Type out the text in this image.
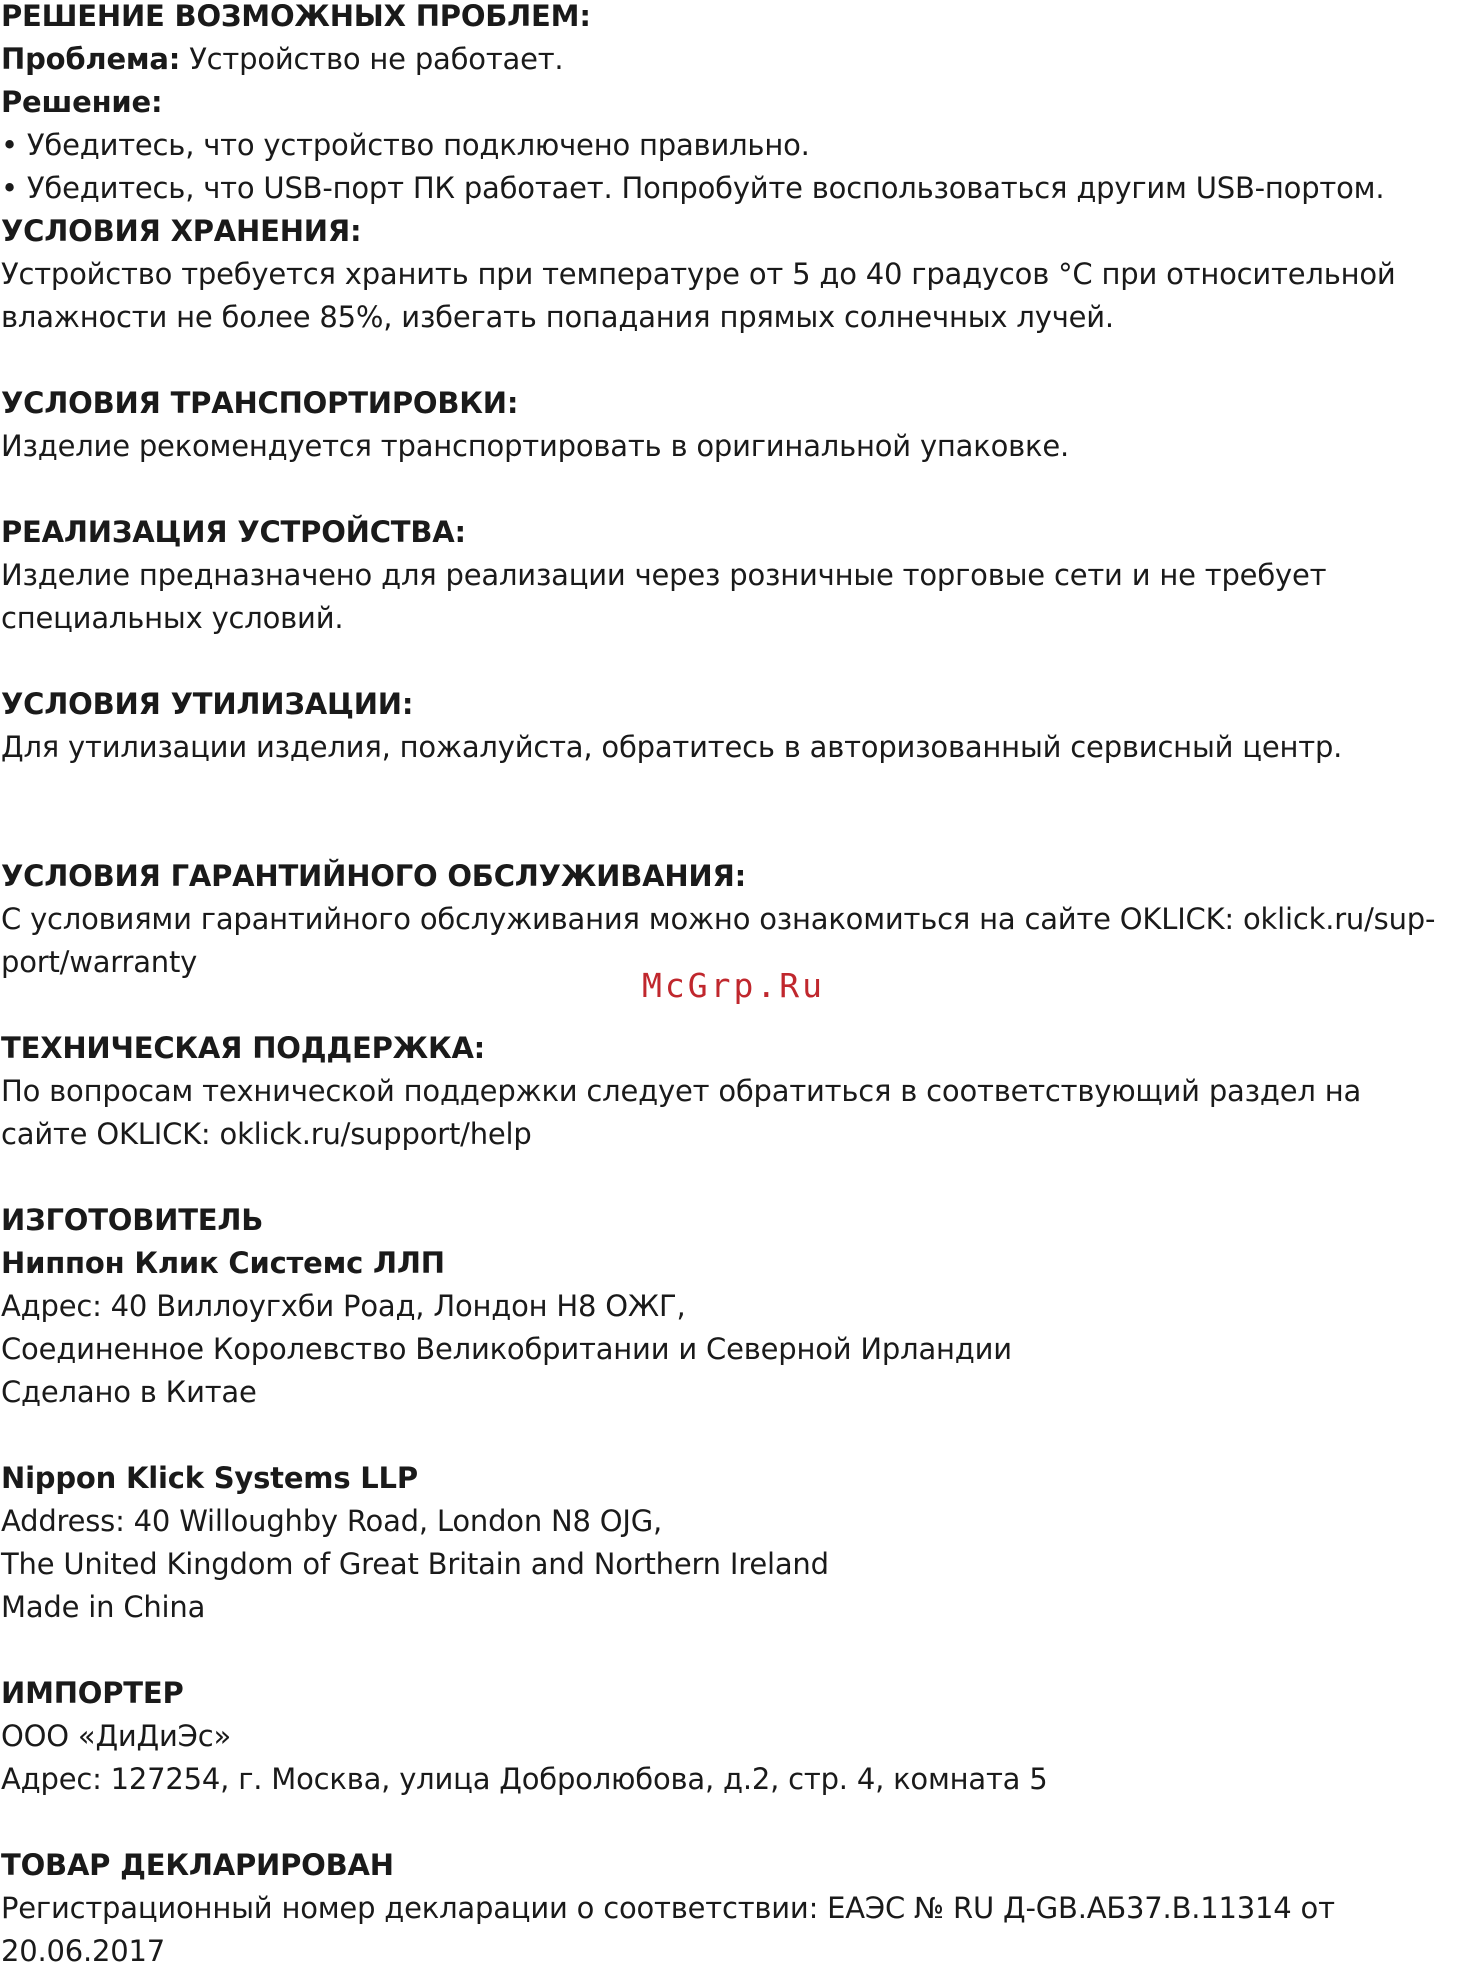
РЕШЕНИЕ ВОЗМОЖНЫХ ПРОБЛЕМ:
Проблема: Устройство не работает.
Решение:
• Убедитесь, что устройство подключено правильно.
• Убедитесь, что USB-порт ПК работает. Попробуйте воспользоваться другим USB-портом.
УСЛОВИЯ ХРАНЕНИЯ:
Устройство требуется хранить при температуре от 5 до 40 градусов °С при относительной
влажности не более 85%, избегать попадания прямых солнечных лучей.
УСЛОВИЯ ТРАНСПОРТИРОВКИ:
Изделие рекомендуется транспортировать в оригинальной упаковке.
РЕАЛИЗАЦИЯ УСТРОЙСТВА:
Изделие предназначено для реализации через розничные торговые сети и не требует
специальных условий.
УСЛОВИЯ УТИЛИЗАЦИИ:
Для утилизации изделия, пожалуйста, обратитесь в авторизованный сервисный центр.
УСЛОВИЯ ГАРАНТИЙНОГО ОБСЛУЖИВАНИЯ:
С условиями гарантийного обслуживания можно ознакомиться на сайте OKLICK: oklick.ru/sup-
port/warranty
McGrp.Ru
ТЕХНИЧЕСКАЯ ПОДДЕРЖКА:
По вопросам технической поддержки следует обратиться в соответствующий раздел на
сайте OKLICK: oklick.ru/support/help
ИЗГОТОВИТЕЛЬ
Ниппон Клик Системс ЛЛП
Адрес: 40 Виллоугхби Роад, Лондон Н8 ОЖГ,
Соединенное Королевство Великобритании и Северной Ирландии
Сделано в Китае
Nippon Klick Systems LLP
Address: 40 Willoughby Road, London N8 OJG,
The United Kingdom of Great Britain and Northern Ireland
Made in China
ИМПОРТЕР
ООО «ДиДиЭс»
Адрес: 127254, г. Москва, улица Добролюбова, д.2, стр. 4, комната 5
ТОВАР ДЕКЛАРИРОВАН
Регистрационный номер декларации о соответствии: ЕАЭС № RU Д-GB.АБ37.В.11314 от
20.06.2017
